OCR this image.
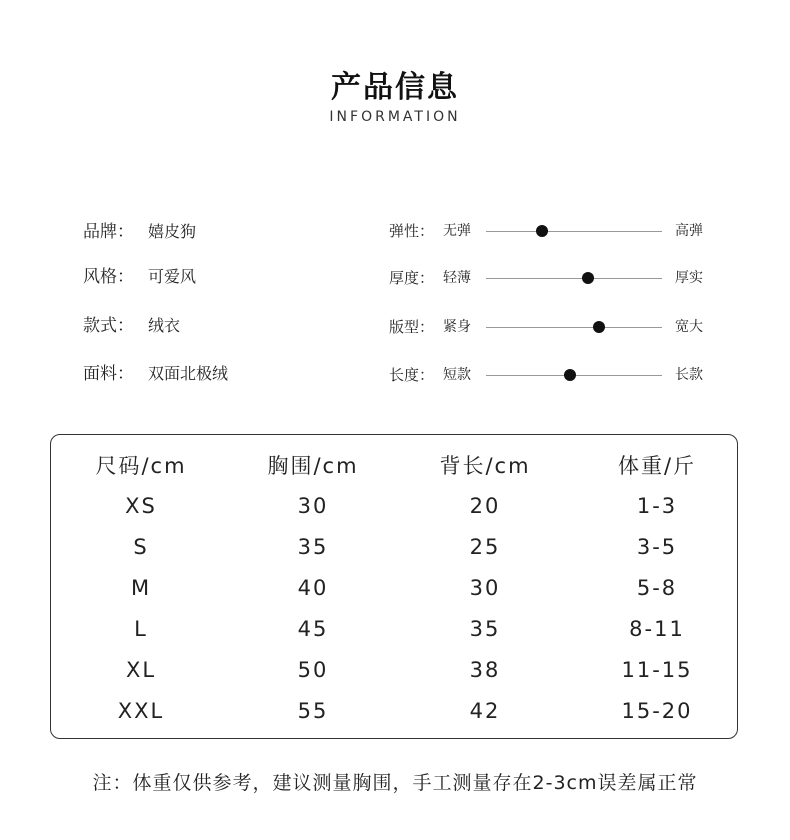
产品信息
INFORMATION
品牌： 嬉皮狗
风格： 可爱风
款式： 绒衣
面料： 双面北极绒
弹性： 无弹	高弹
厚度： 轻薄	厚实
版型： 紧身	宽大
长度： 短款	长款
尺码/cm	胸围/cm	背长/cm	体重/斤
XS	30	20	1-3
S	35	25	3-5
M	40	30	5-8
L	45	35	8-11
XL	50	38	11-15
XXL	55	42	15-20
注：体重仅供参考，建议测量胸围，手工测量存在2-3cm误差属正常
